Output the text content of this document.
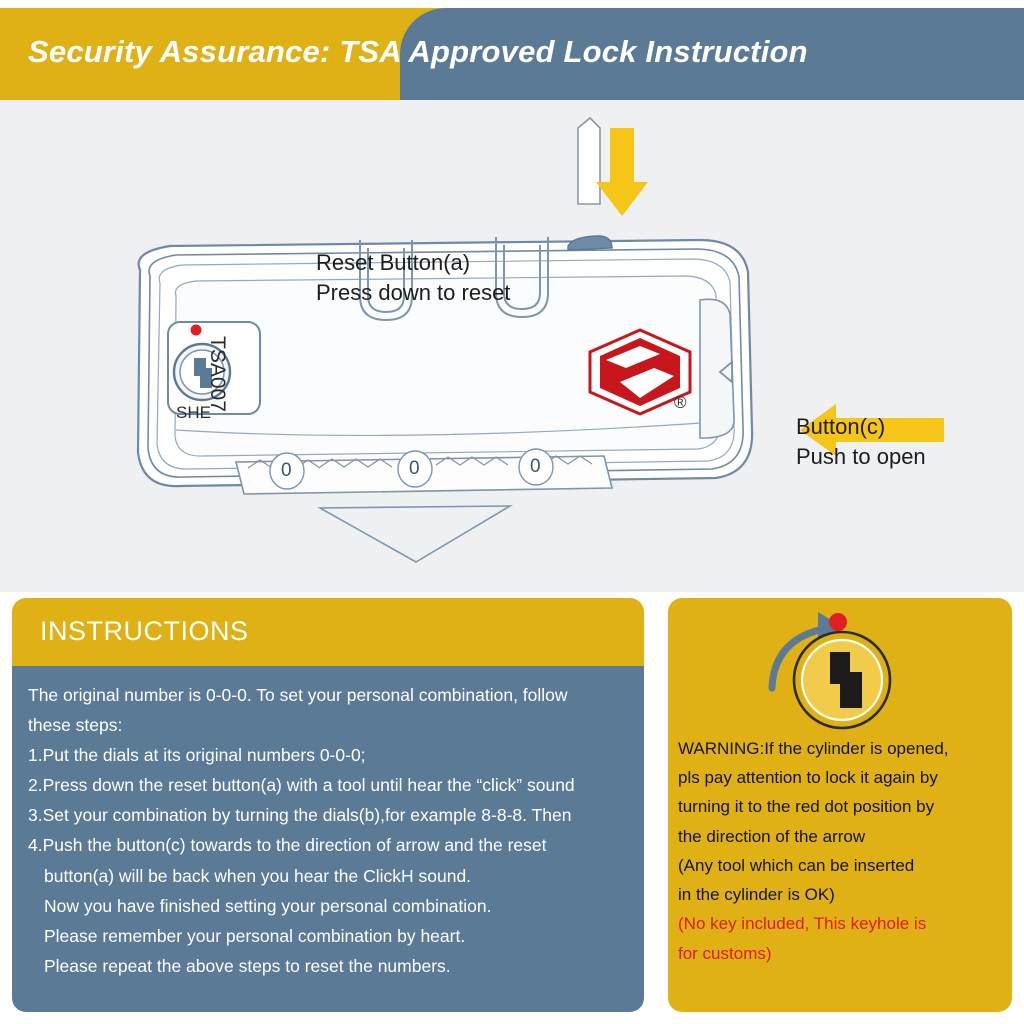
Security Assurance: TSA Approved Lock Instruction
®
0	0	0
SHE
TSA007
Reset Button(a)
Press down to reset
Button(c)
Push to open
INSTRUCTIONS
The original number is 0-0-0. To set your personal combination, follow
these steps:
1.Put the dials at its original numbers 0-0-0;
2.Press down the reset button(a) with a tool until hear the “click” sound
3.Set your combination by turning the dials(b),for example 8-8-8. Then
4.Push the button(c) towards to the direction of arrow and the reset
button(a) will be back when you hear the ClickH sound.
Now you have finished setting your personal combination.
Please remember your personal combination by heart.
Please repeat the above steps to reset the numbers.
WARNING:If the cylinder is opened,
pls pay attention to lock it again by
turning it to the red dot position by
the direction of the arrow
(Any tool which can be inserted
in the cylinder is OK)
(No key included, This keyhole is
for customs)
